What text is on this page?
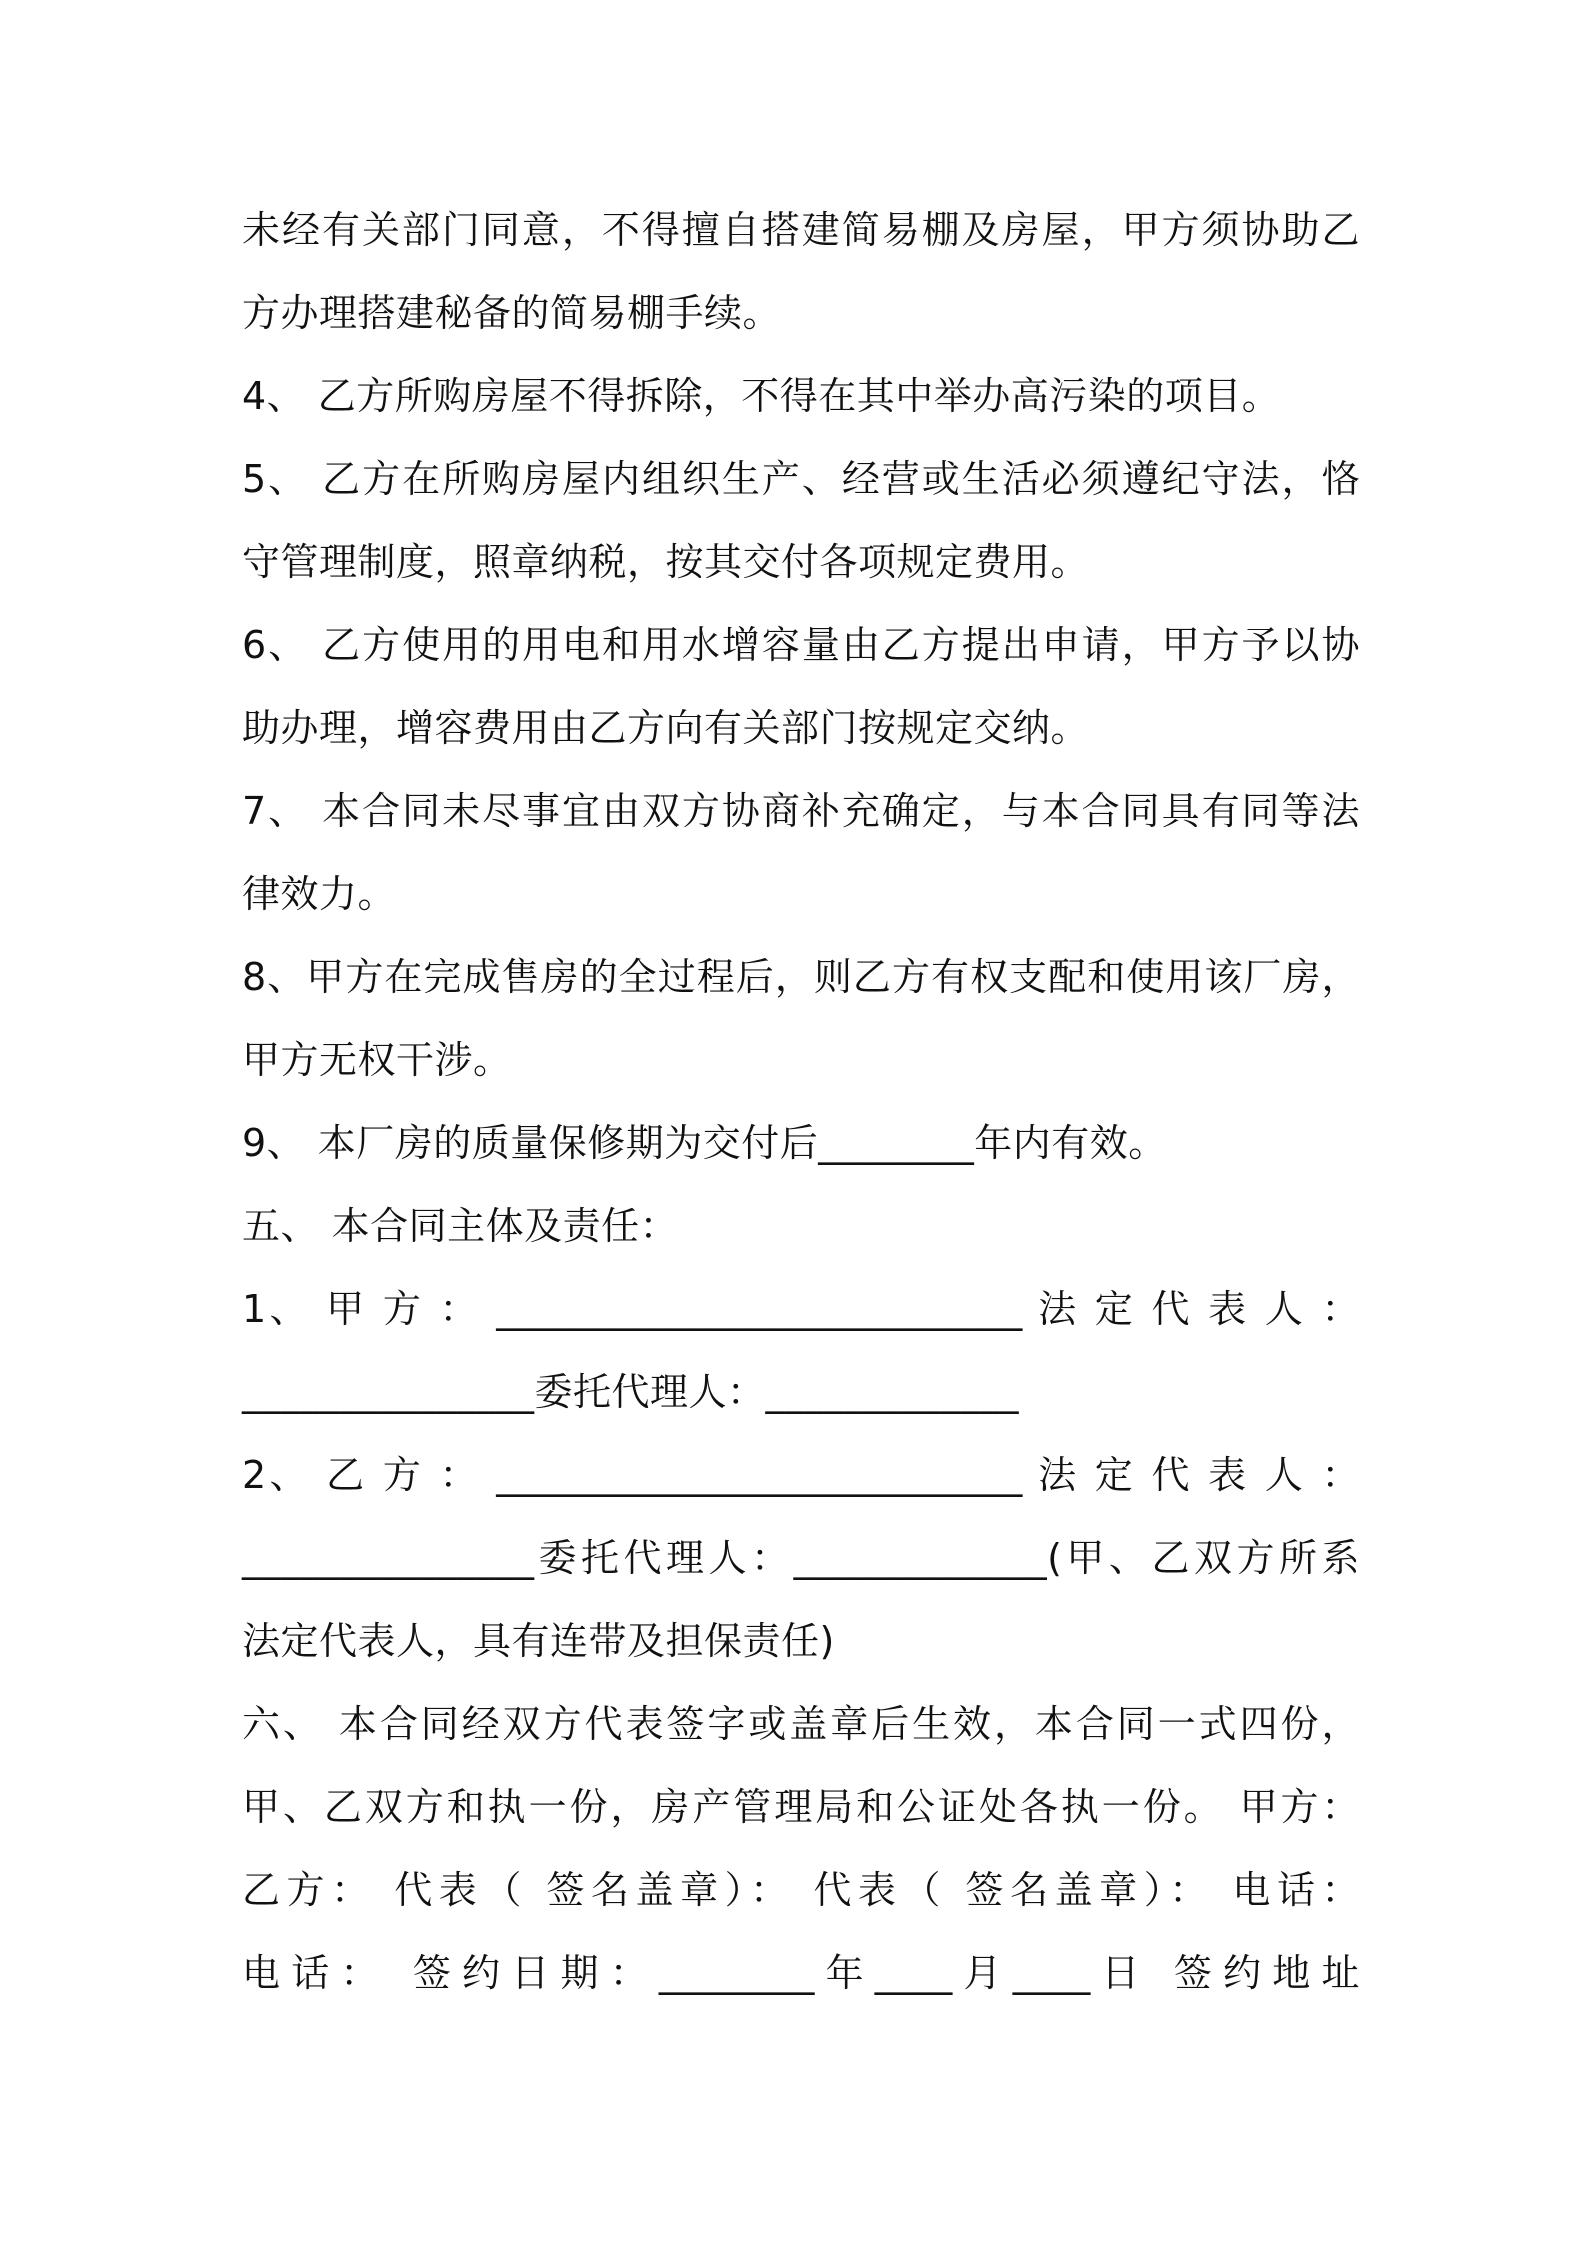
未经有关部门同意，不得擅自搭建简易棚及房屋，甲方须协助乙
方办理搭建秘备的简易棚手续。
4、 乙方所购房屋不得拆除，不得在其中举办高污染的项目。
5、 乙方在所购房屋内组织生产、经营或生活必须遵纪守法，恪
守管理制度，照章纳税，按其交付各项规定费用。
6、 乙方使用的用电和用水增容量由乙方提出申请，甲方予以协
助办理，增容费用由乙方向有关部门按规定交纳。
7、 本合同未尽事宜由双方协商补充确定，与本合同具有同等法
律效力。
8、甲方在完成售房的全过程后，则乙方有权支配和使用该厂房，
甲方无权干涉。
9、 本厂房的质量保修期为交付后________年内有效。
五、 本合同主体及责任：
1、 甲 方 ： ___________________________ 法 定 代 表 人 ：
_______________委托代理人：_____________
2、 乙 方 ： ___________________________ 法 定 代 表 人 ：
_______________委托代理人：_____________(甲、乙双方所系
法定代表人，具有连带及担保责任)
六、 本合同经双方代表签字或盖章后生效，本合同一式四份，
甲、乙双方和执一份，房产管理局和公证处各执一份。 甲方：
乙方： 代表（ 签名盖章）： 代表（ 签名盖章）： 电话：
电话： 签约日期：________年____月____日 签约地址
